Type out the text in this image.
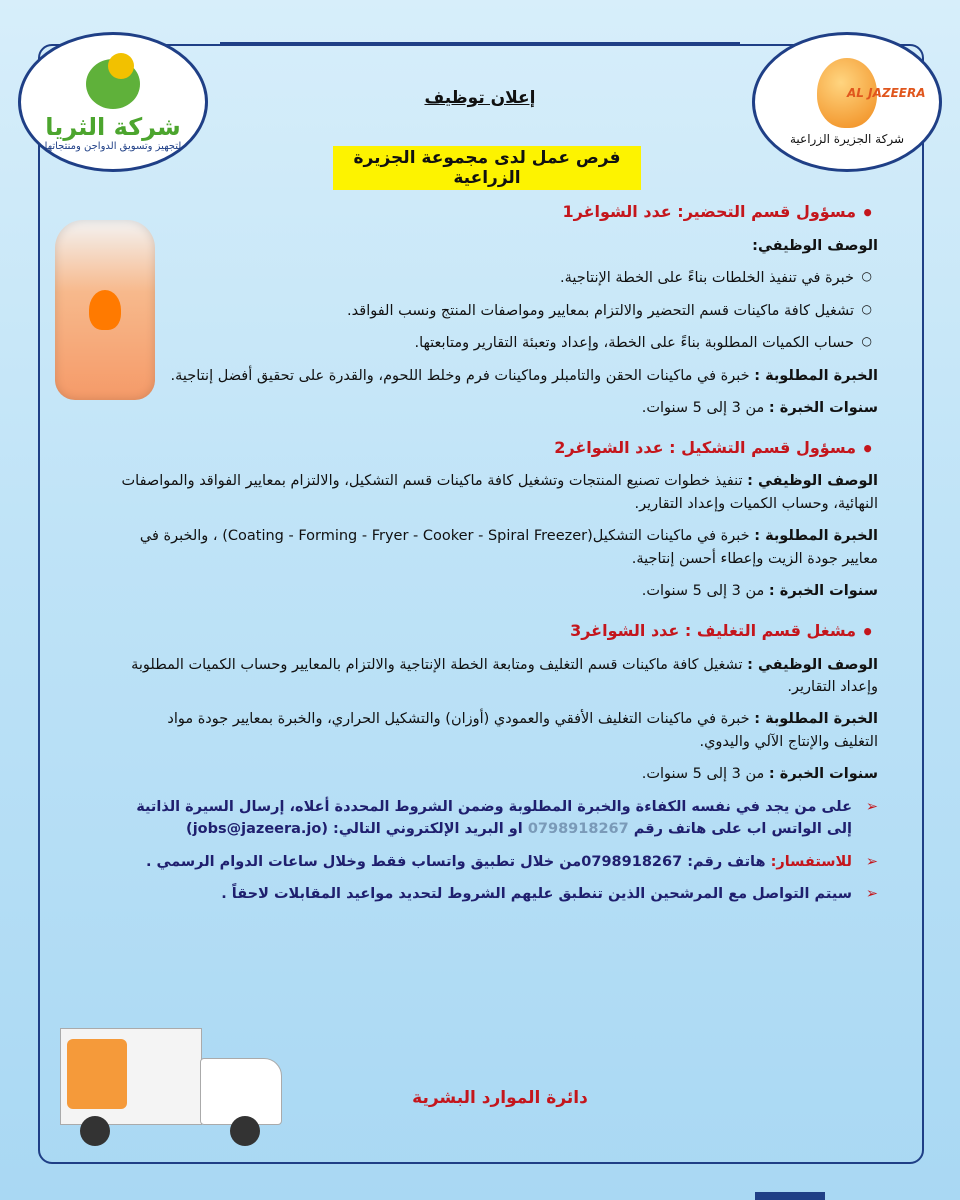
شركة الثريا
لتجهيز وتسويق الدواجن ومنتجاتها
AL JAZEERA
شركة الجزيرة الزراعية
إعلان توظيف
فرص عمل لدى مجموعة الجزيرة الزراعية
• مسؤول قسم التحضير: عدد الشواغر1
الوصف الوظيفي:
○ خبرة في تنفيذ الخلطات بناءً على الخطة الإنتاجية.
○ تشغيل كافة ماكينات قسم التحضير والالتزام بمعايير ومواصفات المنتج ونسب الفواقد.
○ حساب الكميات المطلوبة بناءً على الخطة، وإعداد وتعبئة التقارير ومتابعتها.
الخبرة المطلوبة : خبرة في ماكينات الحقن والتامبلر وماكينات فرم وخلط اللحوم، والقدرة على تحقيق أفضل إنتاجية.
سنوات الخبرة : من 3 إلى 5 سنوات.
• مسؤول قسم التشكيل : عدد الشواغر2
الوصف الوظيفي : تنفيذ خطوات تصنيع المنتجات وتشغيل كافة ماكينات قسم التشكيل، والالتزام بمعايير الفواقد والمواصفات النهائية، وحساب الكميات وإعداد التقارير.
الخبرة المطلوبة : خبرة في ماكينات التشكيل(Coating - Forming - Fryer - Cooker - Spiral Freezer) ، والخبرة في معايير جودة الزيت وإعطاء أحسن إنتاجية.
سنوات الخبرة : من 3 إلى 5 سنوات.
• مشغل قسم التغليف : عدد الشواغر3
الوصف الوظيفي : تشغيل كافة ماكينات قسم التغليف ومتابعة الخطة الإنتاجية والالتزام بالمعايير وحساب الكميات المطلوبة وإعداد التقارير.
الخبرة المطلوبة : خبرة في ماكينات التغليف الأفقي والعمودي (أوزان) والتشكيل الحراري، والخبرة بمعايير جودة مواد التغليف والإنتاج الآلي واليدوي.
سنوات الخبرة : من 3 إلى 5 سنوات.
➢ على من يجد في نفسه الكفاءة والخبرة المطلوبة وضمن الشروط المحددة أعلاه، إرسال السيرة الذاتية إلى الواتس اب على هاتف رقم 0798918267 او البريد الإلكتروني التالي: (jobs@jazeera.jo)
➢ للاستفسار: هاتف رقم: 0798918267من خلال تطبيق واتساب فقط وخلال ساعات الدوام الرسمي .
➢ سيتم التواصل مع المرشحين الذين تنطبق عليهم الشروط لتحديد مواعيد المقابلات لاحقاً .
دائرة الموارد البشرية
